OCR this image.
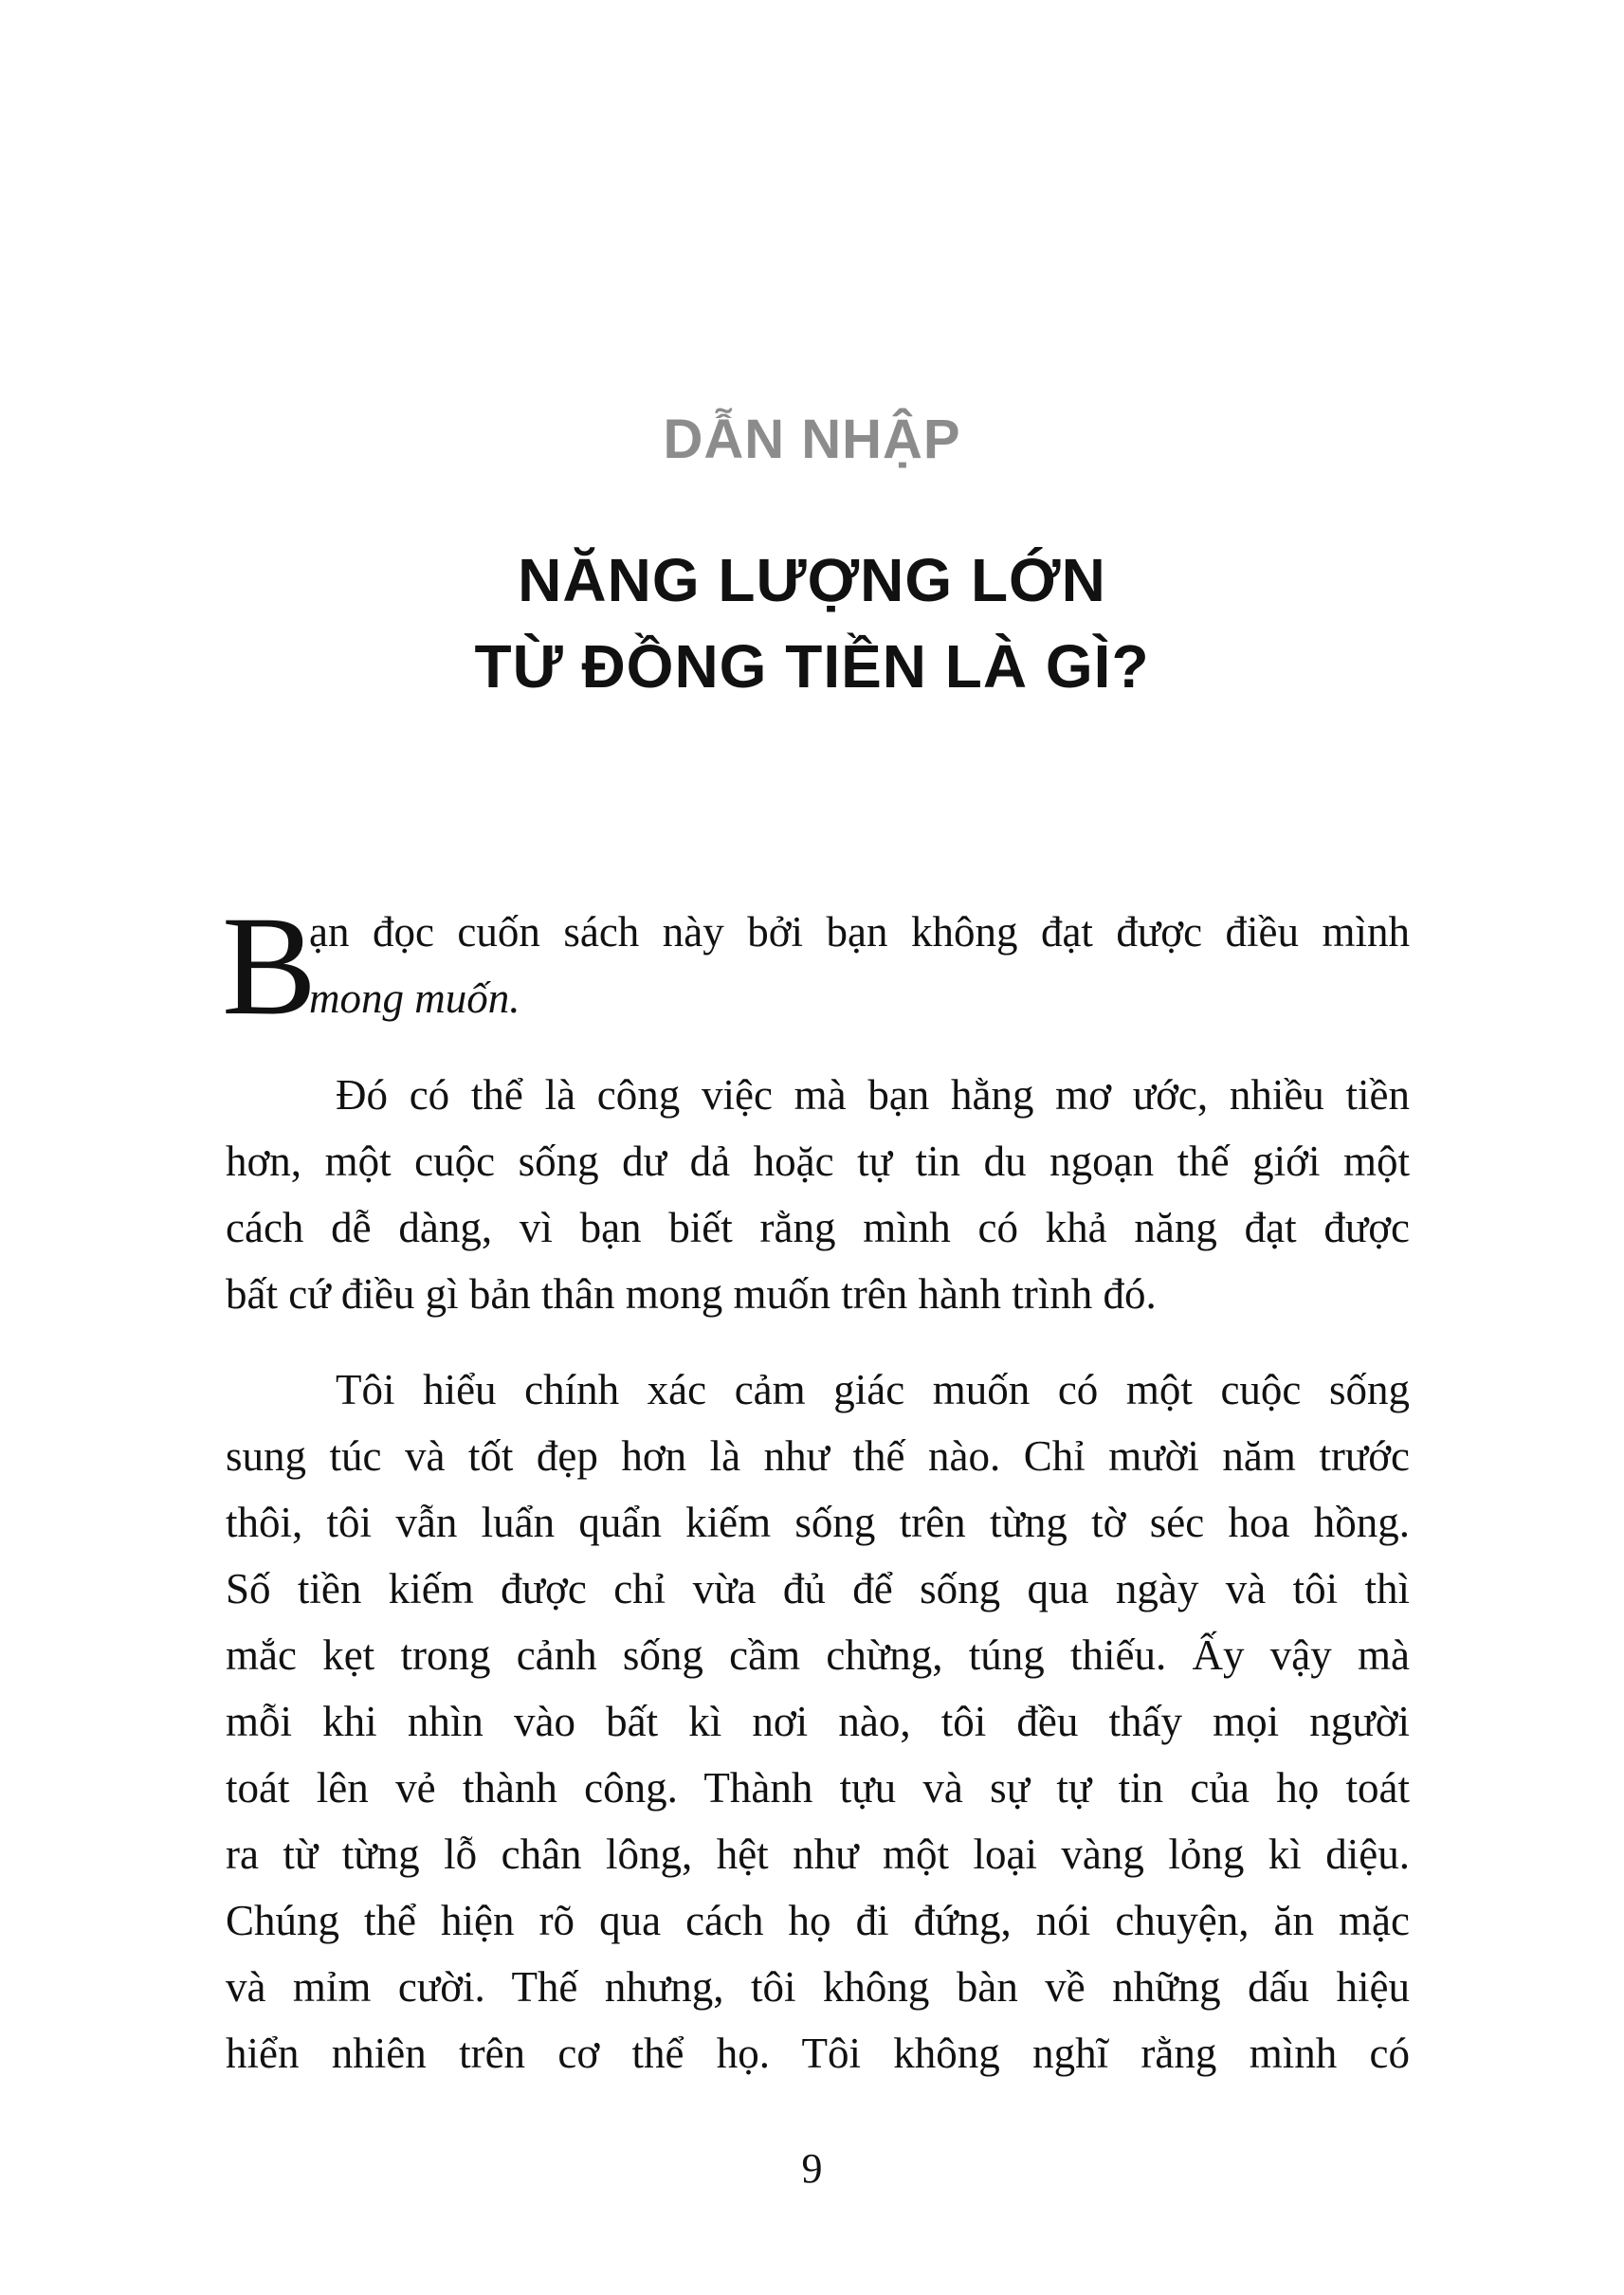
DẪN NHẬP
NĂNG LƯỢNG LỚN
TỪ ĐỒNG TIỀN LÀ GÌ?
B
ạn đọc cuốn sách này bởi bạn không đạt được điều mình
mong muốn.
Đó có thể là công việc mà bạn hằng mơ ước, nhiều tiền
hơn, một cuộc sống dư dả hoặc tự tin du ngoạn thế giới một
cách dễ dàng, vì bạn biết rằng mình có khả năng đạt được
bất cứ điều gì bản thân mong muốn trên hành trình đó.
Tôi hiểu chính xác cảm giác muốn có một cuộc sống
sung túc và tốt đẹp hơn là như thế nào. Chỉ mười năm trước
thôi, tôi vẫn luẩn quẩn kiếm sống trên từng tờ séc hoa hồng.
Số tiền kiếm được chỉ vừa đủ để sống qua ngày và tôi thì
mắc kẹt trong cảnh sống cầm chừng, túng thiếu. Ấy vậy mà
mỗi khi nhìn vào bất kì nơi nào, tôi đều thấy mọi người
toát lên vẻ thành công. Thành tựu và sự tự tin của họ toát
ra từ từng lỗ chân lông, hệt như một loại vàng lỏng kì diệu.
Chúng thể hiện rõ qua cách họ đi đứng, nói chuyện, ăn mặc
và mỉm cười. Thế nhưng, tôi không bàn về những dấu hiệu
hiển nhiên trên cơ thể họ. Tôi không nghĩ rằng mình có
9
